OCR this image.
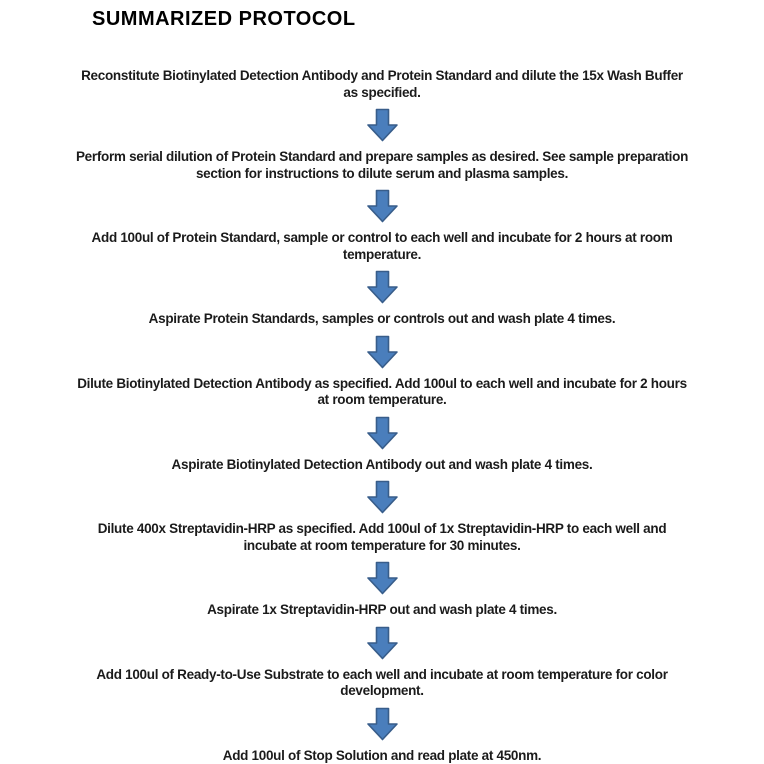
SUMMARIZED PROTOCOL
Reconstitute Biotinylated Detection Antibody and Protein Standard and dilute the 15x Wash Buffer as specified.
Perform serial dilution of Protein Standard and prepare samples as desired. See sample preparation section for instructions to dilute serum and plasma samples.
Add 100ul of Protein Standard, sample or control to each well and incubate for 2 hours at room temperature.
Aspirate Protein Standards, samples or controls out and wash plate 4 times.
Dilute Biotinylated Detection Antibody as specified. Add 100ul to each well and incubate for 2 hours at room temperature.
Aspirate Biotinylated Detection Antibody out and wash plate 4 times.
Dilute 400x Streptavidin-HRP as specified. Add 100ul of 1x Streptavidin-HRP to each well and incubate at room temperature for 30 minutes.
Aspirate 1x Streptavidin-HRP out and wash plate 4 times.
Add 100ul of Ready-to-Use Substrate to each well and incubate at room temperature for color development.
Add 100ul of Stop Solution and read plate at 450nm.
